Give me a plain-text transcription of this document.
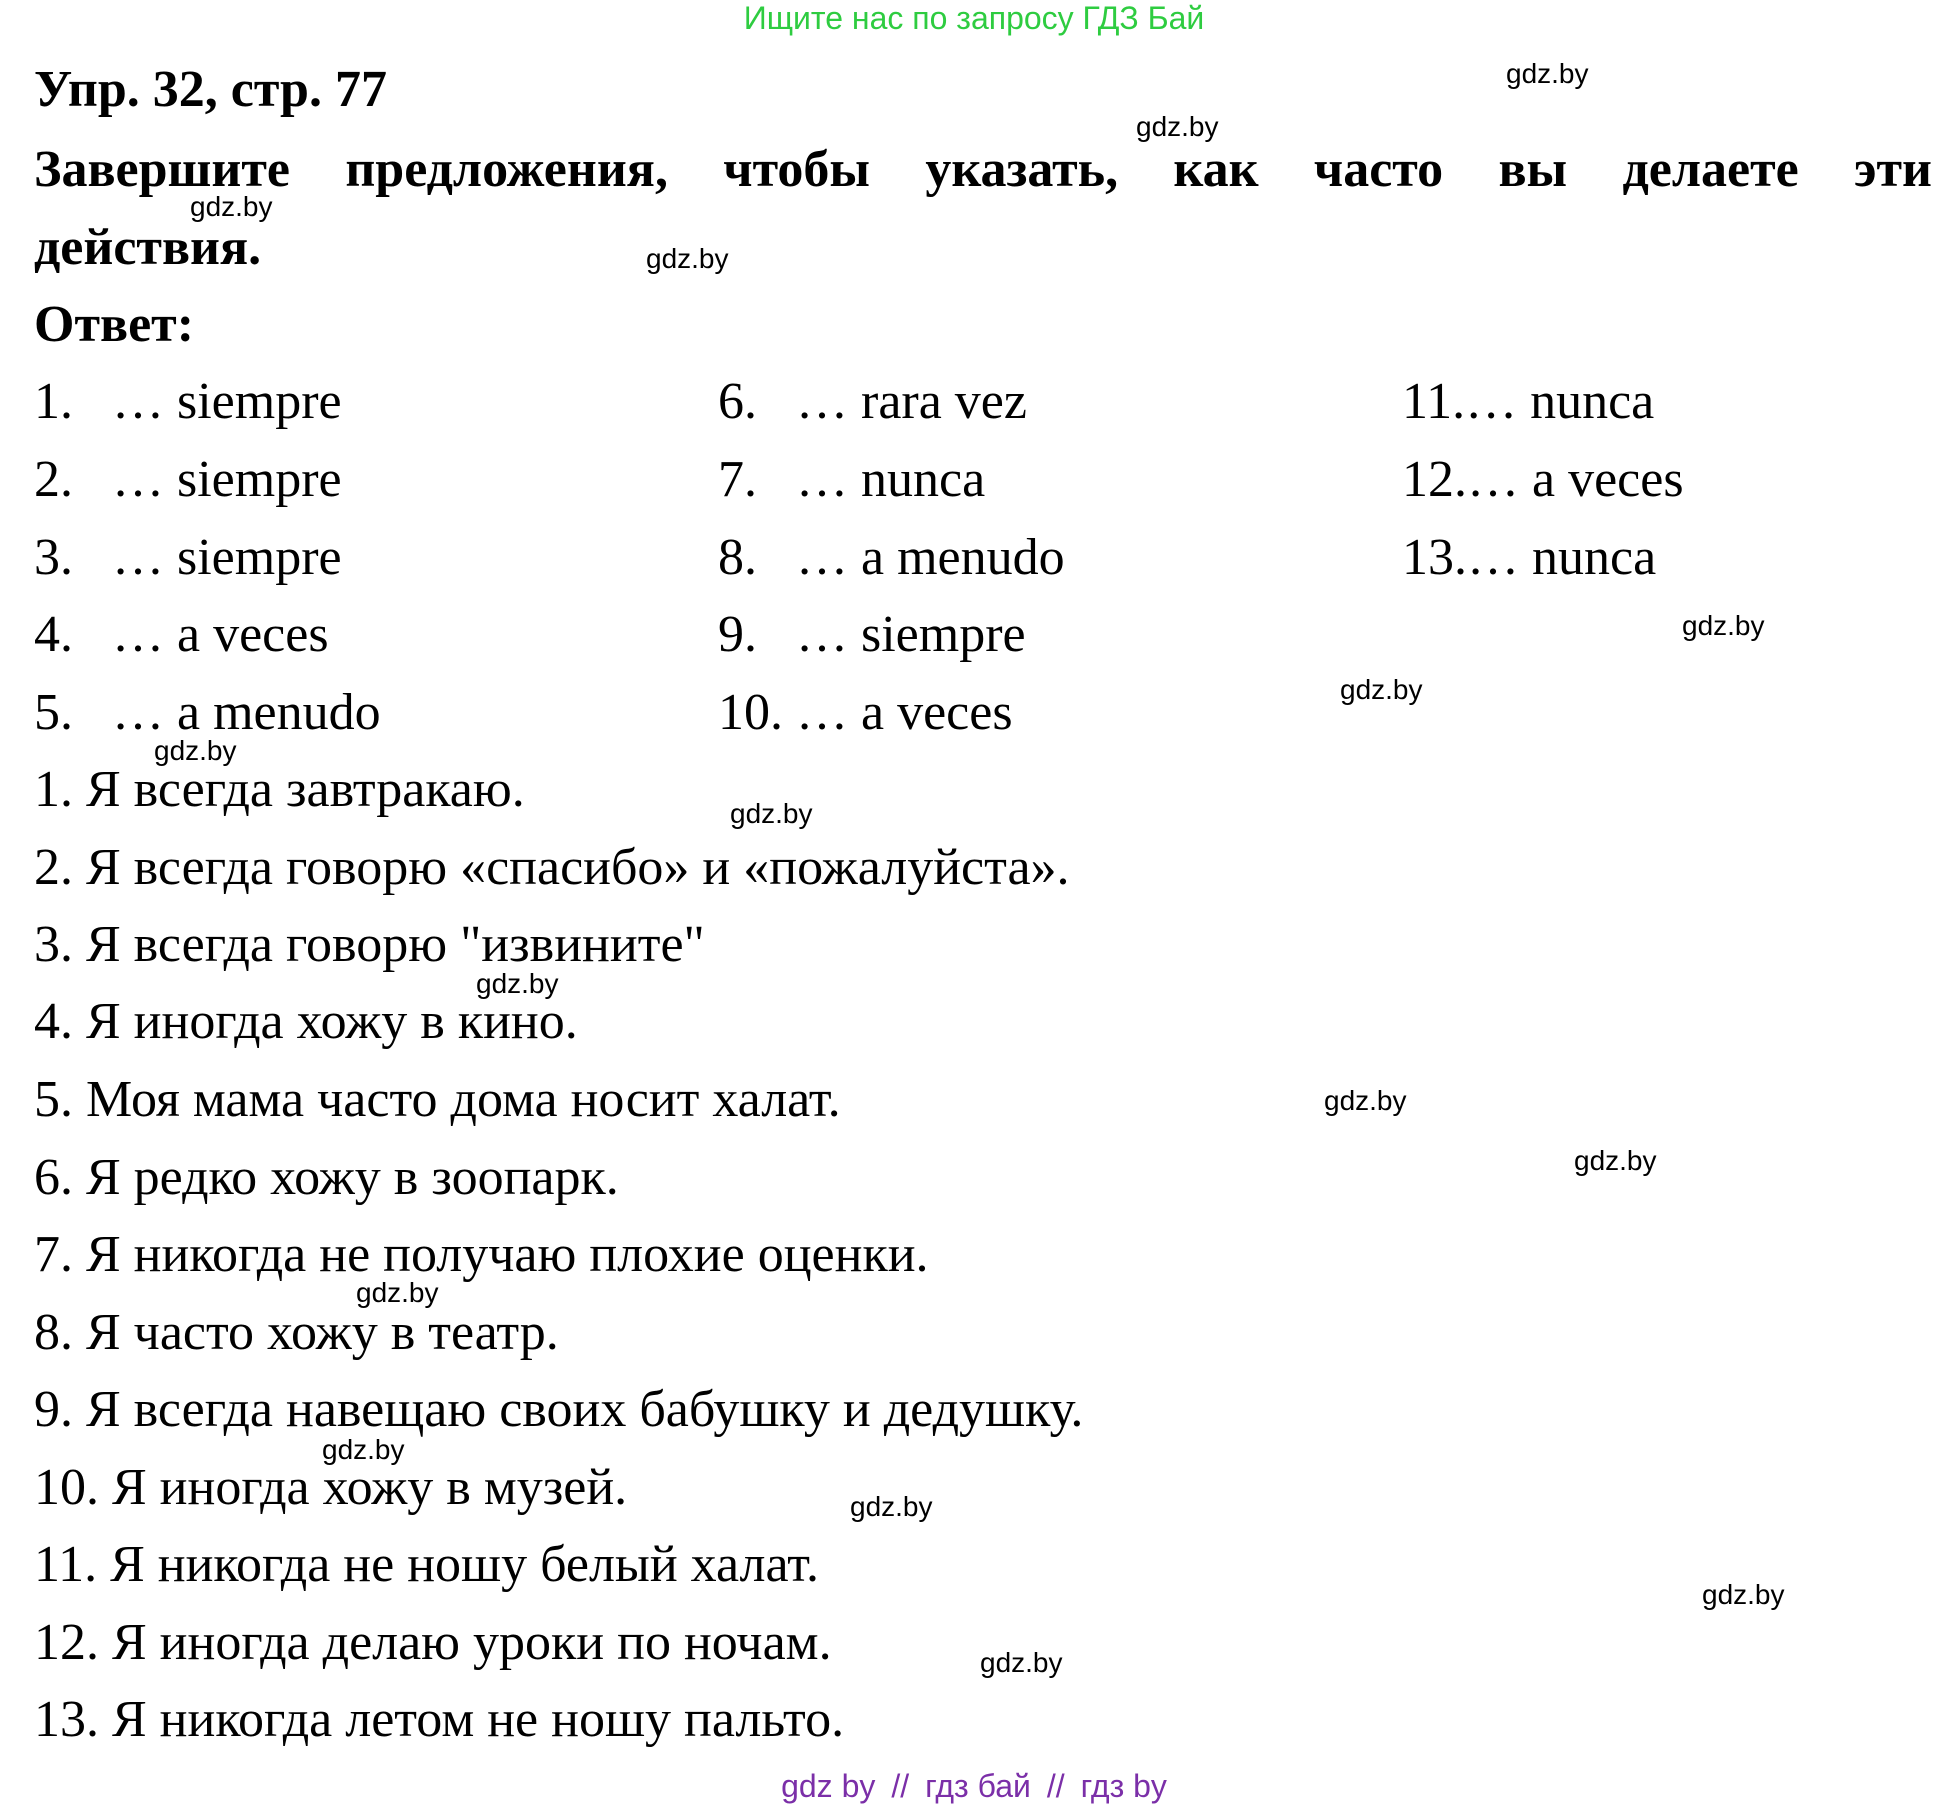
Ищите нас по запросу ГДЗ Бай
Упр. 32, стр. 77
Завершите предложения, чтобы указать, как часто вы делаете эти
действия.
Ответ:
1. … siempre
2. … siempre
3. … siempre
4. … a veces
5. … a menudo
6. … rara vez
7. … nunca
8. … a menudo
9. … siempre
10. … a veces
11.… nunca
12.… a veces
13.… nunca
1. Я всегда завтракаю.
2. Я всегда говорю «спасибо» и «пожалуйста».
3. Я всегда говорю "извините"
4. Я иногда хожу в кино.
5. Моя мама часто дома носит халат.
6. Я редко хожу в зоопарк.
7. Я никогда не получаю плохие оценки.
8. Я часто хожу в театр.
9. Я всегда навещаю своих бабушку и дедушку.
10. Я иногда хожу в музей.
11. Я никогда не ношу белый халат.
12. Я иногда делаю уроки по ночам.
13. Я никогда летом не ношу пальто.
gdz.by
gdz.by
gdz.by
gdz.by
gdz.by
gdz.by
gdz.by
gdz.by
gdz.by
gdz.by
gdz.by
gdz.by
gdz.by
gdz.by
gdz.by
gdz.by
gdz by // гдз бай // гдз by
